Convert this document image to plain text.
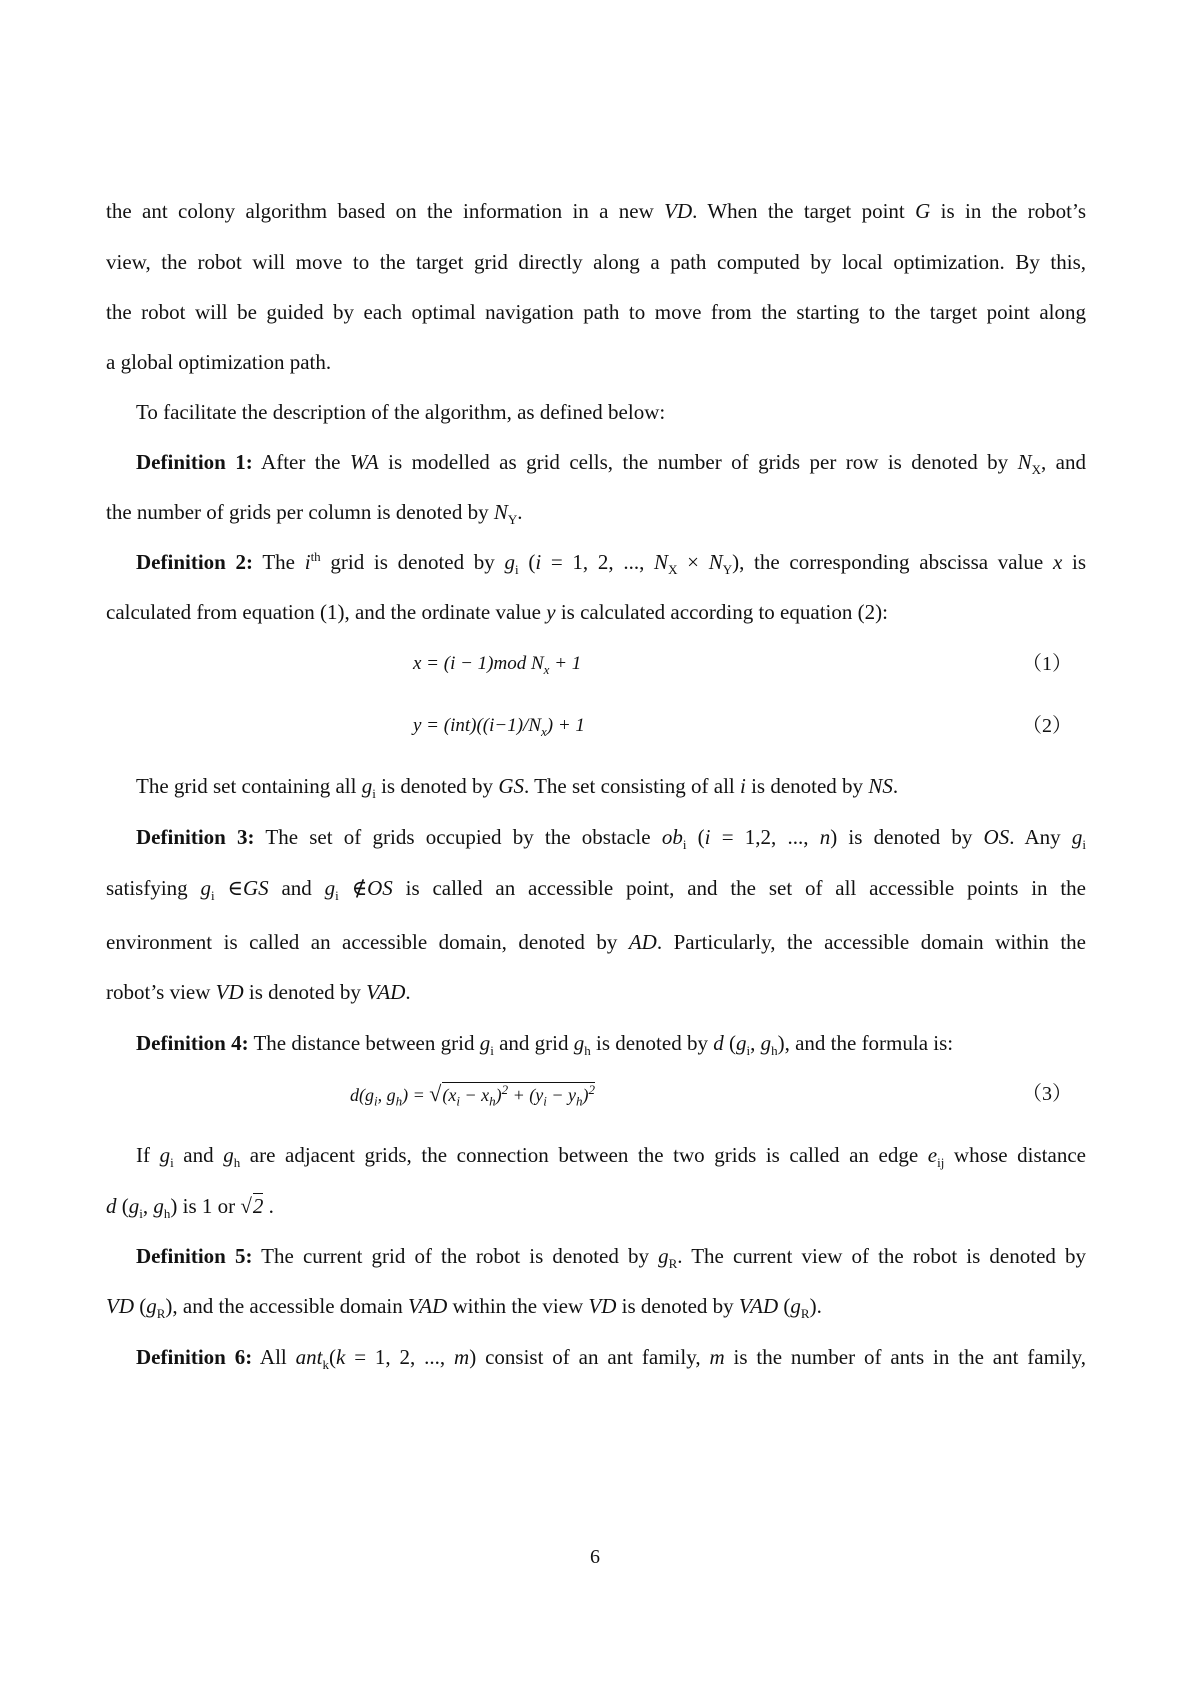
the ant colony algorithm based on the information in a new VD. When the target point G is in the robot’s
view, the robot will move to the target grid directly along a path computed by local optimization. By this,
the robot will be guided by each optimal navigation path to move from the starting to the target point along
a global optimization path.
To facilitate the description of the algorithm, as defined below:
Definition 1: After the WA is modelled as grid cells, the number of grids per row is denoted by $N_X$, and
the number of grids per column is denoted by $N_Y$.
Definition 2: The $i^{th}$ grid is denoted by $g_i$ (i = 1, 2, ..., $N_X \times N_Y$), the corresponding abscissa value x is
calculated from equation (1), and the ordinate value y is calculated according to equation (2):
x = (i − 1)mod $N_x + 1$	（1）
$y = (int)((i-1)/N_x) + 1$	（2）
The grid set containing all $g_i$ is denoted by GS. The set consisting of all i is denoted by NS.
Definition 3: The set of grids occupied by the obstacle $ob_i$ (i = 1,2, ..., n) is denoted by OS. Any $g_i$
satisfying $g_i$ ∈GS and $g_i$ ∉OS is called an accessible point, and the set of all accessible points in the
environment is called an accessible domain, denoted by AD. Particularly, the accessible domain within the
robot’s view VD is denoted by VAD.
Definition 4: The distance between grid $g_i$ and grid $g_h$ is denoted by d ($g_i$, $g_h$), and the formula is:
$d(g_i$, $g_h) = √(x_i - x_h)^2 + (y_i - y_h)^2$	（3）
If $g_i$ and $g_h$ are adjacent grids, the connection between the two grids is called an edge $e_{ij}$ whose distance
d ($g_i$, $g_h$) is 1 or √2 .
Definition 5: The current grid of the robot is denoted by $g_R$. The current view of the robot is denoted by
VD $(g_R)$, and the accessible domain VAD within the view VD is denoted by VAD $(g_R)$.
Definition 6: All ant$_k$(k = 1, 2, ..., m) consist of an ant family, m is the number of ants in the ant family,
6
